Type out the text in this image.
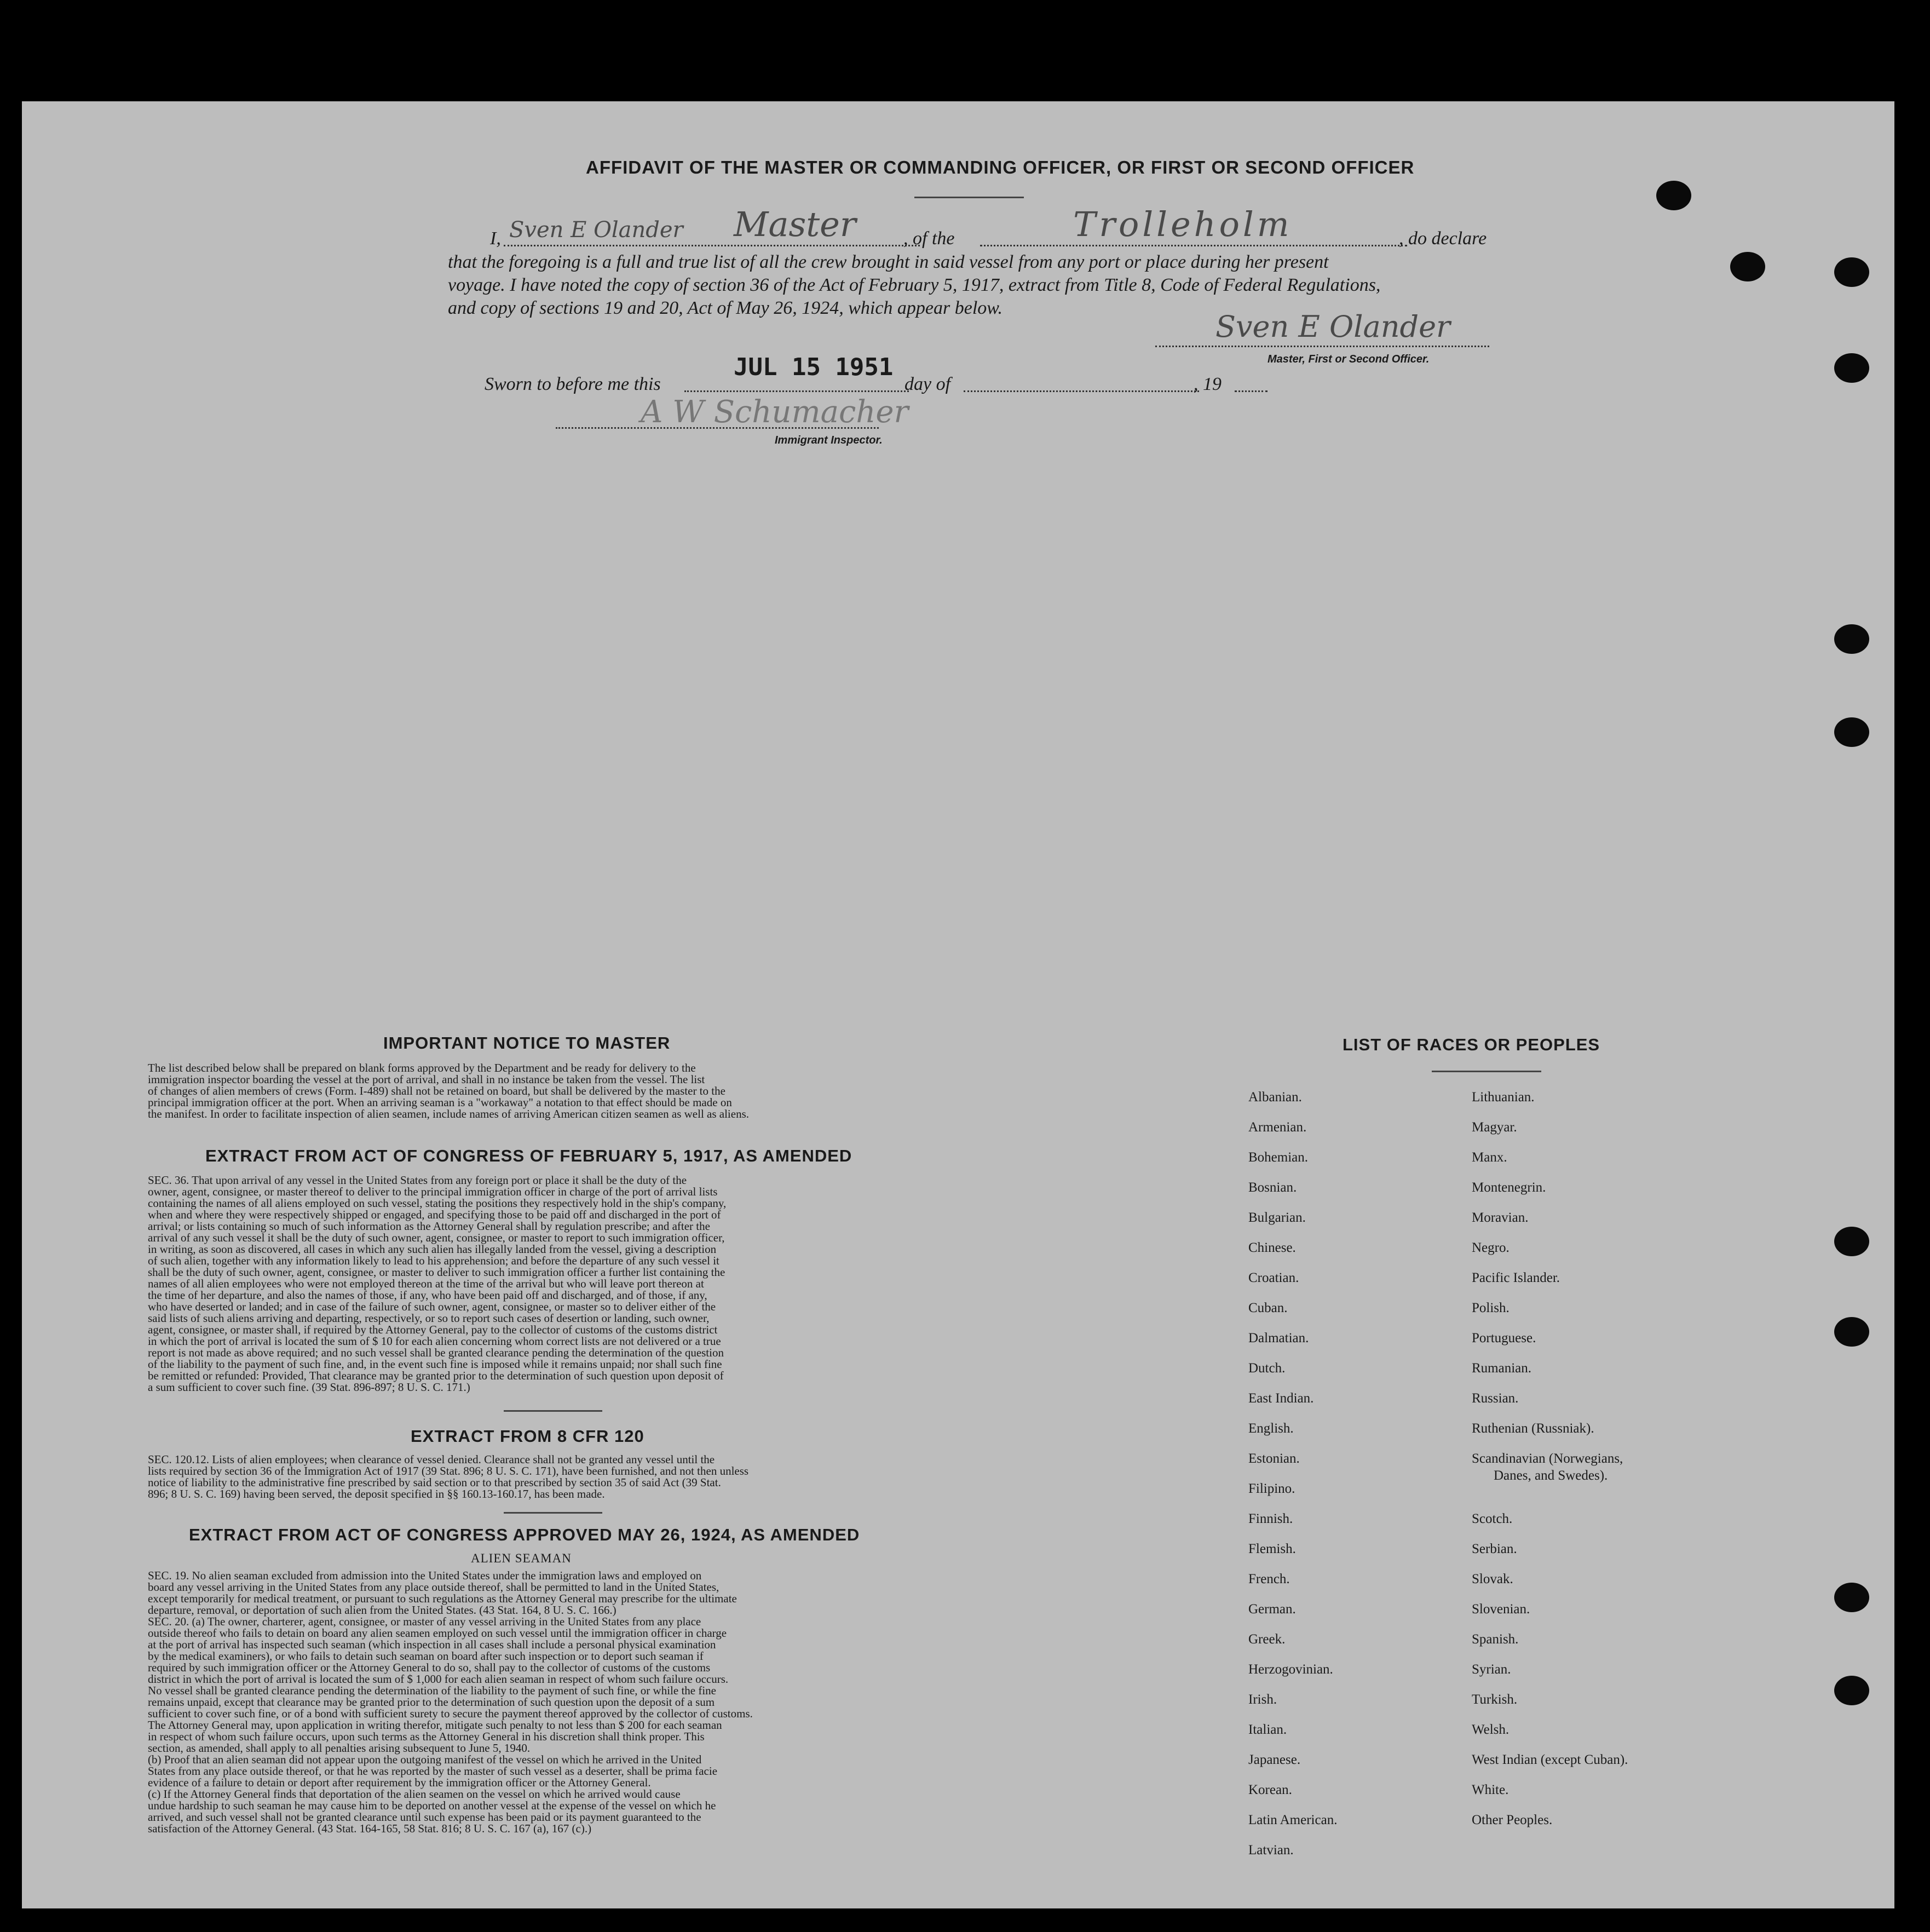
AFFIDAVIT OF THE MASTER OR COMMANDING OFFICER, OR FIRST OR SECOND OFFICER
I, Sven E Olander Master	, of the	Trolleholm	, do declare
that the foregoing is a full and true list of all the crew brought in said vessel from any port or place during her present
voyage. I have noted the copy of section 36 of the Act of February 5, 1917, extract from Title 8, Code of Federal Regulations,
and copy of sections 19 and 20, Act of May 26, 1924, which appear below.
Sven E Olander
Master, First or Second Officer.
Sworn to before me this
JUL 15 1951
day of	, 19
A W Schumacher
Immigrant Inspector.
IMPORTANT NOTICE TO MASTER
The list described below shall be prepared on blank forms approved by the Department and be ready for delivery to the
immigration inspector boarding the vessel at the port of arrival, and shall in no instance be taken from the vessel. The list
of changes of alien members of crews (Form. I-489) shall not be retained on board, but shall be delivered by the master to the
principal immigration officer at the port. When an arriving seaman is a "workaway" a notation to that effect should be made on
the manifest. In order to facilitate inspection of alien seamen, include names of arriving American citizen seamen as well as aliens.
EXTRACT FROM ACT OF CONGRESS OF FEBRUARY 5, 1917, AS AMENDED
SEC. 36. That upon arrival of any vessel in the United States from any foreign port or place it shall be the duty of the
owner, agent, consignee, or master thereof to deliver to the principal immigration officer in charge of the port of arrival lists
containing the names of all aliens employed on such vessel, stating the positions they respectively hold in the ship's company,
when and where they were respectively shipped or engaged, and specifying those to be paid off and discharged in the port of
arrival; or lists containing so much of such information as the Attorney General shall by regulation prescribe; and after the
arrival of any such vessel it shall be the duty of such owner, agent, consignee, or master to report to such immigration officer,
in writing, as soon as discovered, all cases in which any such alien has illegally landed from the vessel, giving a description
of such alien, together with any information likely to lead to his apprehension; and before the departure of any such vessel it
shall be the duty of such owner, agent, consignee, or master to deliver to such immigration officer a further list containing the
names of all alien employees who were not employed thereon at the time of the arrival but who will leave port thereon at
the time of her departure, and also the names of those, if any, who have been paid off and discharged, and of those, if any,
who have deserted or landed; and in case of the failure of such owner, agent, consignee, or master so to deliver either of the
said lists of such aliens arriving and departing, respectively, or so to report such cases of desertion or landing, such owner,
agent, consignee, or master shall, if required by the Attorney General, pay to the collector of customs of the customs district
in which the port of arrival is located the sum of $ 10 for each alien concerning whom correct lists are not delivered or a true
report is not made as above required; and no such vessel shall be granted clearance pending the determination of the question
of the liability to the payment of such fine, and, in the event such fine is imposed while it remains unpaid; nor shall such fine
be remitted or refunded: Provided, That clearance may be granted prior to the determination of such question upon deposit of
a sum sufficient to cover such fine. (39 Stat. 896-897; 8 U. S. C. 171.)
EXTRACT FROM 8 CFR 120
SEC. 120.12. Lists of alien employees; when clearance of vessel denied. Clearance shall not be granted any vessel until the
lists required by section 36 of the Immigration Act of 1917 (39 Stat. 896; 8 U. S. C. 171), have been furnished, and not then unless
notice of liability to the administrative fine prescribed by said section or to that prescribed by section 35 of said Act (39 Stat.
896; 8 U. S. C. 169) having been served, the deposit specified in §§ 160.13-160.17, has been made.
EXTRACT FROM ACT OF CONGRESS APPROVED MAY 26, 1924, AS AMENDED
ALIEN SEAMAN
SEC. 19. No alien seaman excluded from admission into the United States under the immigration laws and employed on
board any vessel arriving in the United States from any place outside thereof, shall be permitted to land in the United States,
except temporarily for medical treatment, or pursuant to such regulations as the Attorney General may prescribe for the ultimate
departure, removal, or deportation of such alien from the United States. (43 Stat. 164, 8 U. S. C. 166.)
SEC. 20. (a) The owner, charterer, agent, consignee, or master of any vessel arriving in the United States from any place
outside thereof who fails to detain on board any alien seamen employed on such vessel until the immigration officer in charge
at the port of arrival has inspected such seaman (which inspection in all cases shall include a personal physical examination
by the medical examiners), or who fails to detain such seaman on board after such inspection or to deport such seaman if
required by such immigration officer or the Attorney General to do so, shall pay to the collector of customs of the customs
district in which the port of arrival is located the sum of $ 1,000 for each alien seaman in respect of whom such failure occurs.
No vessel shall be granted clearance pending the determination of the liability to the payment of such fine, or while the fine
remains unpaid, except that clearance may be granted prior to the determination of such question upon the deposit of a sum
sufficient to cover such fine, or of a bond with sufficient surety to secure the payment thereof approved by the collector of customs.
The Attorney General may, upon application in writing therefor, mitigate such penalty to not less than $ 200 for each seaman
in respect of whom such failure occurs, upon such terms as the Attorney General in his discretion shall think proper. This
section, as amended, shall apply to all penalties arising subsequent to June 5, 1940.
(b) Proof that an alien seaman did not appear upon the outgoing manifest of the vessel on which he arrived in the United
States from any place outside thereof, or that he was reported by the master of such vessel as a deserter, shall be prima facie
evidence of a failure to detain or deport after requirement by the immigration officer or the Attorney General.
(c) If the Attorney General finds that deportation of the alien seamen on the vessel on which he arrived would cause
undue hardship to such seaman he may cause him to be deported on another vessel at the expense of the vessel on which he
arrived, and such vessel shall not be granted clearance until such expense has been paid or its payment guaranteed to the
satisfaction of the Attorney General. (43 Stat. 164-165, 58 Stat. 816; 8 U. S. C. 167 (a), 167 (c).)
LIST OF RACES OR PEOPLES
Albanian.
Armenian.
Bohemian.
Bosnian.
Bulgarian.
Chinese.
Croatian.
Cuban.
Dalmatian.
Dutch.
East Indian.
English.
Estonian.
Filipino.
Finnish.
Flemish.
French.
German.
Greek.
Herzogovinian.
Irish.
Italian.
Japanese.
Korean.
Latin American.
Latvian.
Lithuanian.
Magyar.
Manx.
Montenegrin.
Moravian.
Negro.
Pacific Islander.
Polish.
Portuguese.
Rumanian.
Russian.
Ruthenian (Russniak).
Scandinavian (Norwegians,
Danes, and Swedes).
Scotch.
Serbian.
Slovak.
Slovenian.
Spanish.
Syrian.
Turkish.
Welsh.
West Indian (except Cuban).
White.
Other Peoples.
